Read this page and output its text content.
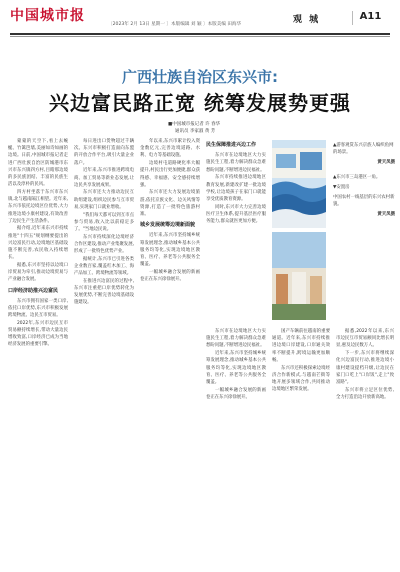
中国城市报
〔2023年 2月 13日 星期一 〕本版编辑 刘 颖 〕本版美编 田海华	观 城	A11
广西壮族自治区东兴市:
兴边富民路正宽 统筹发展势更强
■中国城市报记者 许 春华
通讯员 李家淑 黄 芳

蒙蒙的天空下,看上去蜿蜒、竹篱笆墙,美丽如诗如画的边境。日前,中国城市报记者走进广西壮族自治区防城港市东兴市东兴镇四方村,目睹那边境的多民族团结、丰富的民族生活以及淳朴的民风。

四方村坐落于东兴市东兴镇,北与越南隔江相望。近年来,东兴市依托边境区位优势,大力推进边境小康村建设,有效改善了边民生产生活条件。

据介绍,近年来东兴市持续推进"十四五"规划纲要提出的兴边富民行动,边境地区基础设施不断完善,农民收入持续增长。

据悉,东兴市坚持以边境口岸贸易为牵引,推动边境贸易与产业融合发展。

口岸经济助推兴边富民

东兴市拥有国家一类口岸,依托口岸优势,东兴市积极发展跨境物流、边民互市贸易。

2022年,东兴市边民互市贸易额持续增长,带动大量边民增收致富,口岸经济已成为当地经济发展的重要引擎。

每日进出口货物超过千辆次。东兴市积极打造面向东盟的开放合作平台,吸引大量企业落户。

近年来,东兴市推进跨境电商、加工贸易等新业态发展,让边民共享发展成果。

东兴市还大力推动边民互助组建设,组织边民参与互市贸易,实现家门口就业增收。

"我们每天都可以到互市点参与贸易,收入比以前稳定多了。"当地边民说。

东兴市持续深化边境经济合作区建设,推动产业集聚发展,形成了一批特色优势产业。

据统计,东兴市已引进各类企业数百家,覆盖红木加工、海产品加工、跨境物流等领域。

在推进兴边富民的过程中,东兴市注重把口岸优势转化为发展优势,不断完善边境基础设施建设。

年以来,东兴市累计投入资金数亿元,完善边境道路、水利、电力等基础设施。

边境村屯道路硬化率大幅提升,村民出行更加便捷,群众获得感、幸福感、安全感持续增强。

东兴市还大力发展边境旅游,依托京族文化、边关风情等资源,打造了一批特色旅游村寨。

城乡发展统筹边境新面貌

近年来,东兴市坚持城乡统筹发展理念,推动城乡基本公共服务均等化,实现边境地区教育、医疗、养老等公共服务全覆盖。

一幅城乡融合发展的新画卷正在东兴徐徐展开。

民生保障推进兴边工作

东兴市在边境地区大力实施民生工程,着力解决群众急难愁盼问题,不断增进边民福祉。

东兴市持续推进边境地区教育发展,新建改扩建一批边境学校,让边境孩子在家门口就能享受优质教育资源。

同时,东兴市大力完善边境医疗卫生体系,提升基层医疗服务能力,群众就医更加方便。

▲游客观赏东兴京族人编织鱼网的场景。
黄天凤摄
▲东兴市三岛港区一角。
▼安置房
中国农村一线基层的东兴农村新貌。
黄天凤摄

东兴市在边境地区大力实施民生工程,着力解决群众急难愁盼问题,不断增进边民福祉。

近年来,东兴市坚持城乡统筹发展理念,推动城乡基本公共服务均等化,实现边境地区教育、医疗、养老等公共服务全覆盖。

一幅城乡融合发展的新画卷正在东兴徐徐展开。

国产车辆前往越南的重要通道。近年来,东兴市持续推进边境口岸建设,口岸通关效率不断提升,跨境运输更加顺畅。

东兴市还积极探索边境经济合作新模式,与越南芒街等地开展多领域合作,共同推动边境地区繁荣发展。

据悉,2022年以来,东兴市边民互市贸易额同比增长明显,惠及边民数万人。

下一步,东兴市将继续深化兴边富民行动,推进边境小康村建设提档升级,让边民在家门口吃上"口岸饭",走上"致富路"。

东兴市将立足区位优势,全力打造沿边开放新高地。
